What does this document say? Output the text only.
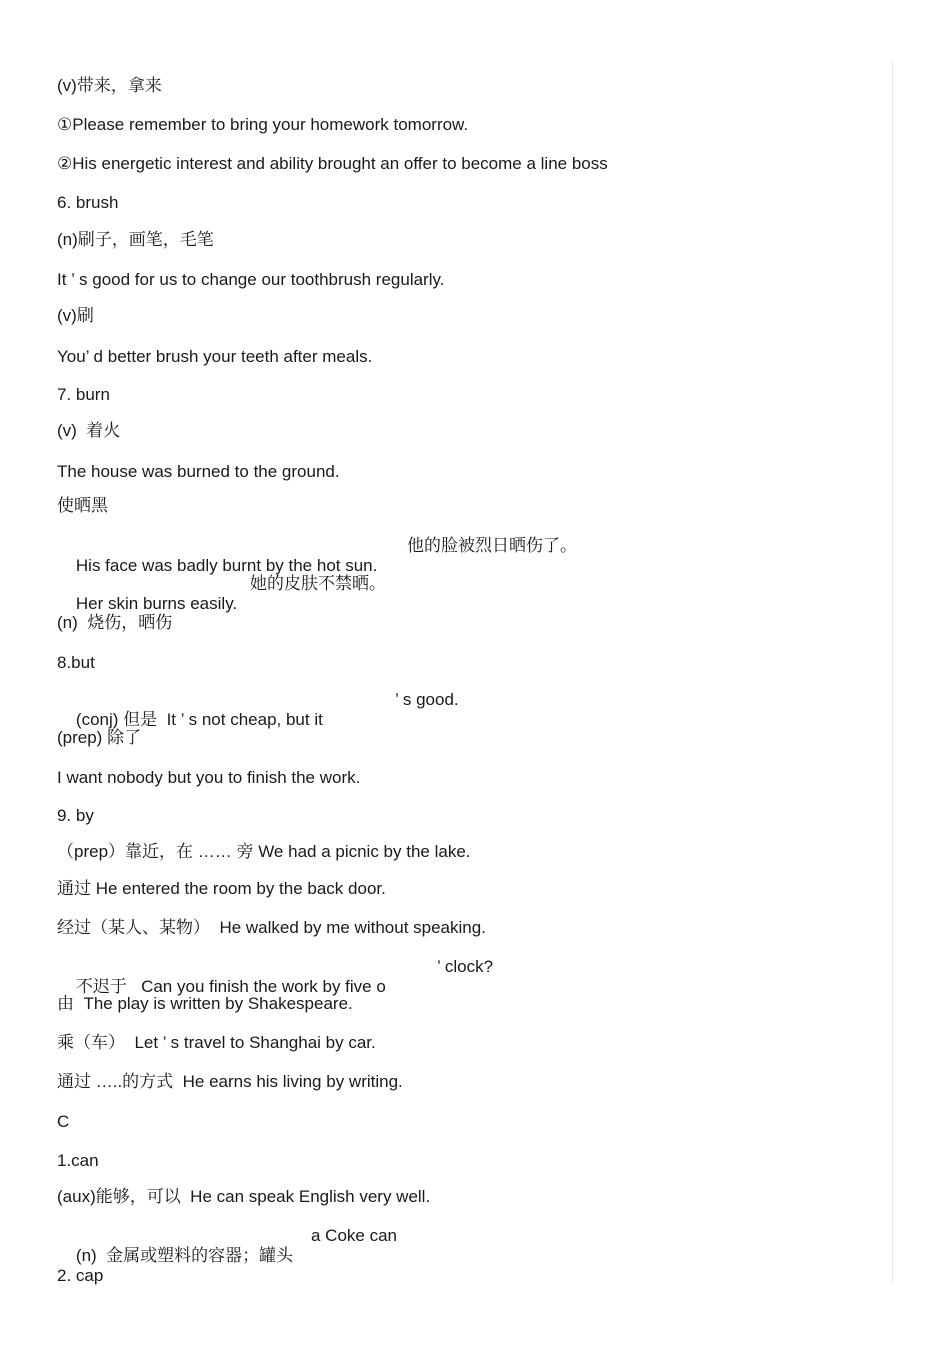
(v)带来，拿来
①Please remember to bring your homework tomorrow.
②His energetic interest and ability brought an offer to become a line boss
6. brush
(n)刷子，画笔，毛笔
It ’ s good for us to change our toothbrush regularly.
(v)刷
You’ d better brush your teeth after meals.
7. burn
(v)  着火
The house was burned to the ground.
使晒黑

His face was badly burnt by the hot sun.

他的脸被烈日晒伤了。

Her skin burns easily.

她的皮肤不禁晒。

(n)  烧伤，晒伤
8.but

(conj) 但是  It ’ s not cheap, but it

’ s good.

(prep) 除了
I want nobody but you to finish the work.
9. by
（prep）靠近，在 …… 旁 We had a picnic by the lake.
通过 He entered the room by the back door.
经过（某人、某物）  He walked by me without speaking.

不迟于   Can you finish the work by five o

’ clock?

由  The play is written by Shakespeare.
乘（车）  Let ’ s travel to Shanghai by car.
通过 …..的方式  He earns his living by writing.
C
1.can
(aux)能够，可以  He can speak English very well.

(n)  金属或塑料的容器；罐头

a Coke can

2. cap
